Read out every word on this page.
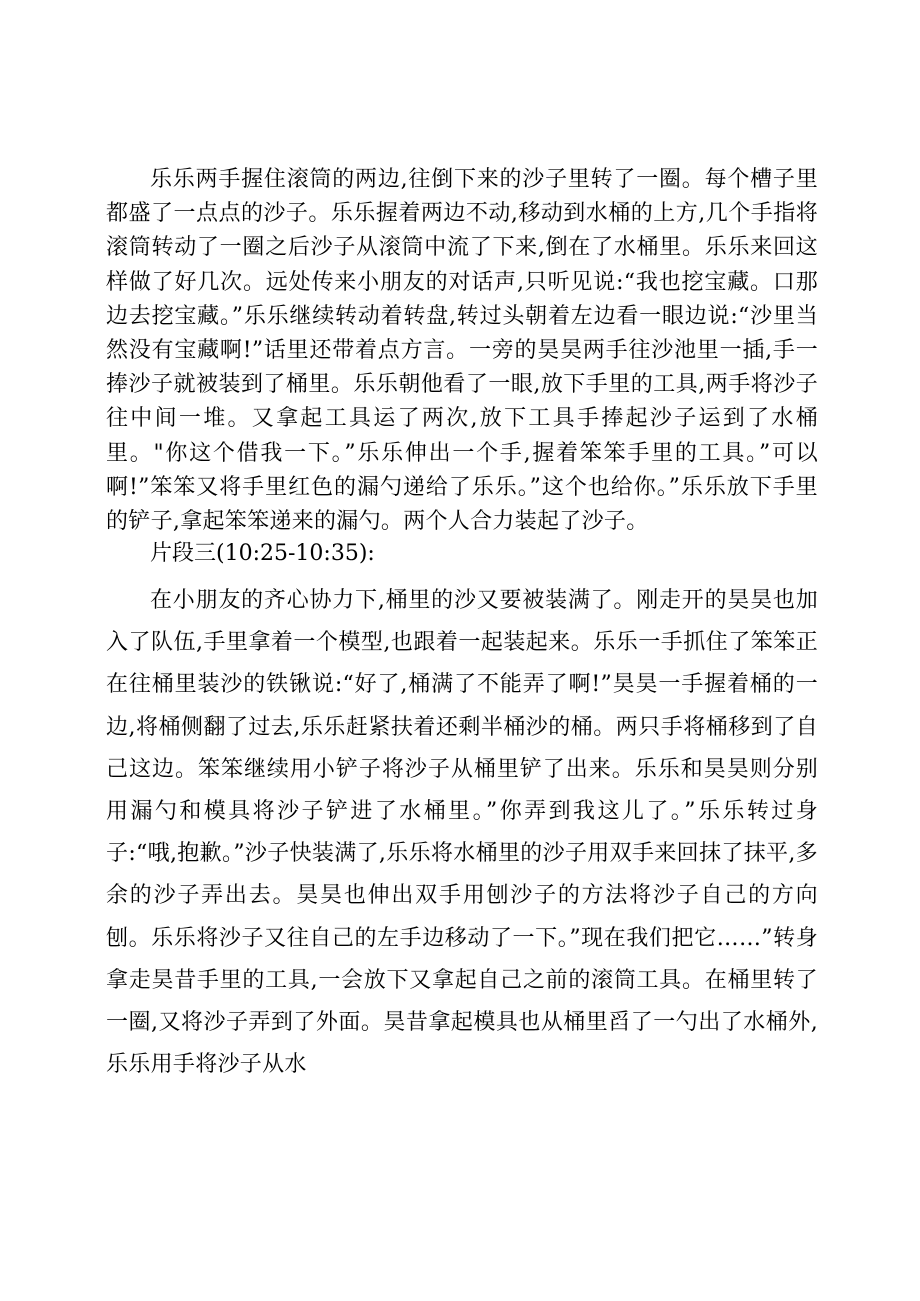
乐乐两手握住滚筒的两边,往倒下来的沙子里转了一圈。每个槽子里都盛了一点点的沙子。乐乐握着两边不动,移动到水桶的上方,几个手指将滚筒转动了一圈之后沙子从滚筒中流了下来,倒在了水桶里。乐乐来回这样做了好几次。远处传来小朋友的对话声,只听见说:“我也挖宝藏。口那边去挖宝藏。”乐乐继续转动着转盘,转过头朝着左边看一眼边说:“沙里当然没有宝藏啊!”话里还带着点方言。一旁的昊昊两手往沙池里一插,手一捧沙子就被装到了桶里。乐乐朝他看了一眼,放下手里的工具,两手将沙子往中间一堆。又拿起工具运了两次,放下工具手捧起沙子运到了水桶里。"你这个借我一下。”乐乐伸出一个手,握着笨笨手里的工具。”可以啊!”笨笨又将手里红色的漏勺递给了乐乐。”这个也给你。”乐乐放下手里的铲子,拿起笨笨递来的漏勺。两个人合力装起了沙子。

片段三(10:25-10:35):

在小朋友的齐心协力下,桶里的沙又要被装满了。刚走开的昊昊也加入了队伍,手里拿着一个模型,也跟着一起装起来。乐乐一手抓住了笨笨正在往桶里装沙的铁锹说:“好了,桶满了不能弄了啊!”昊昊一手握着桶的一边,将桶侧翻了过去,乐乐赶紧扶着还剩半桶沙的桶。两只手将桶移到了自己这边。笨笨继续用小铲子将沙子从桶里铲了出来。乐乐和昊昊则分别用漏勺和模具将沙子铲进了水桶里。”你弄到我这儿了。”乐乐转过身子:“哦,抱歉。”沙子快装满了,乐乐将水桶里的沙子用双手来回抹了抹平,多余的沙子弄出去。昊昊也伸出双手用刨沙子的方法将沙子自己的方向刨。乐乐将沙子又往自己的左手边移动了一下。”现在我们把它……”转身拿走昊昔手里的工具,一会放下又拿起自己之前的滚筒工具。在桶里转了一圈,又将沙子弄到了外面。昊昔拿起模具也从桶里舀了一勺出了水桶外,乐乐用手将沙子从水
